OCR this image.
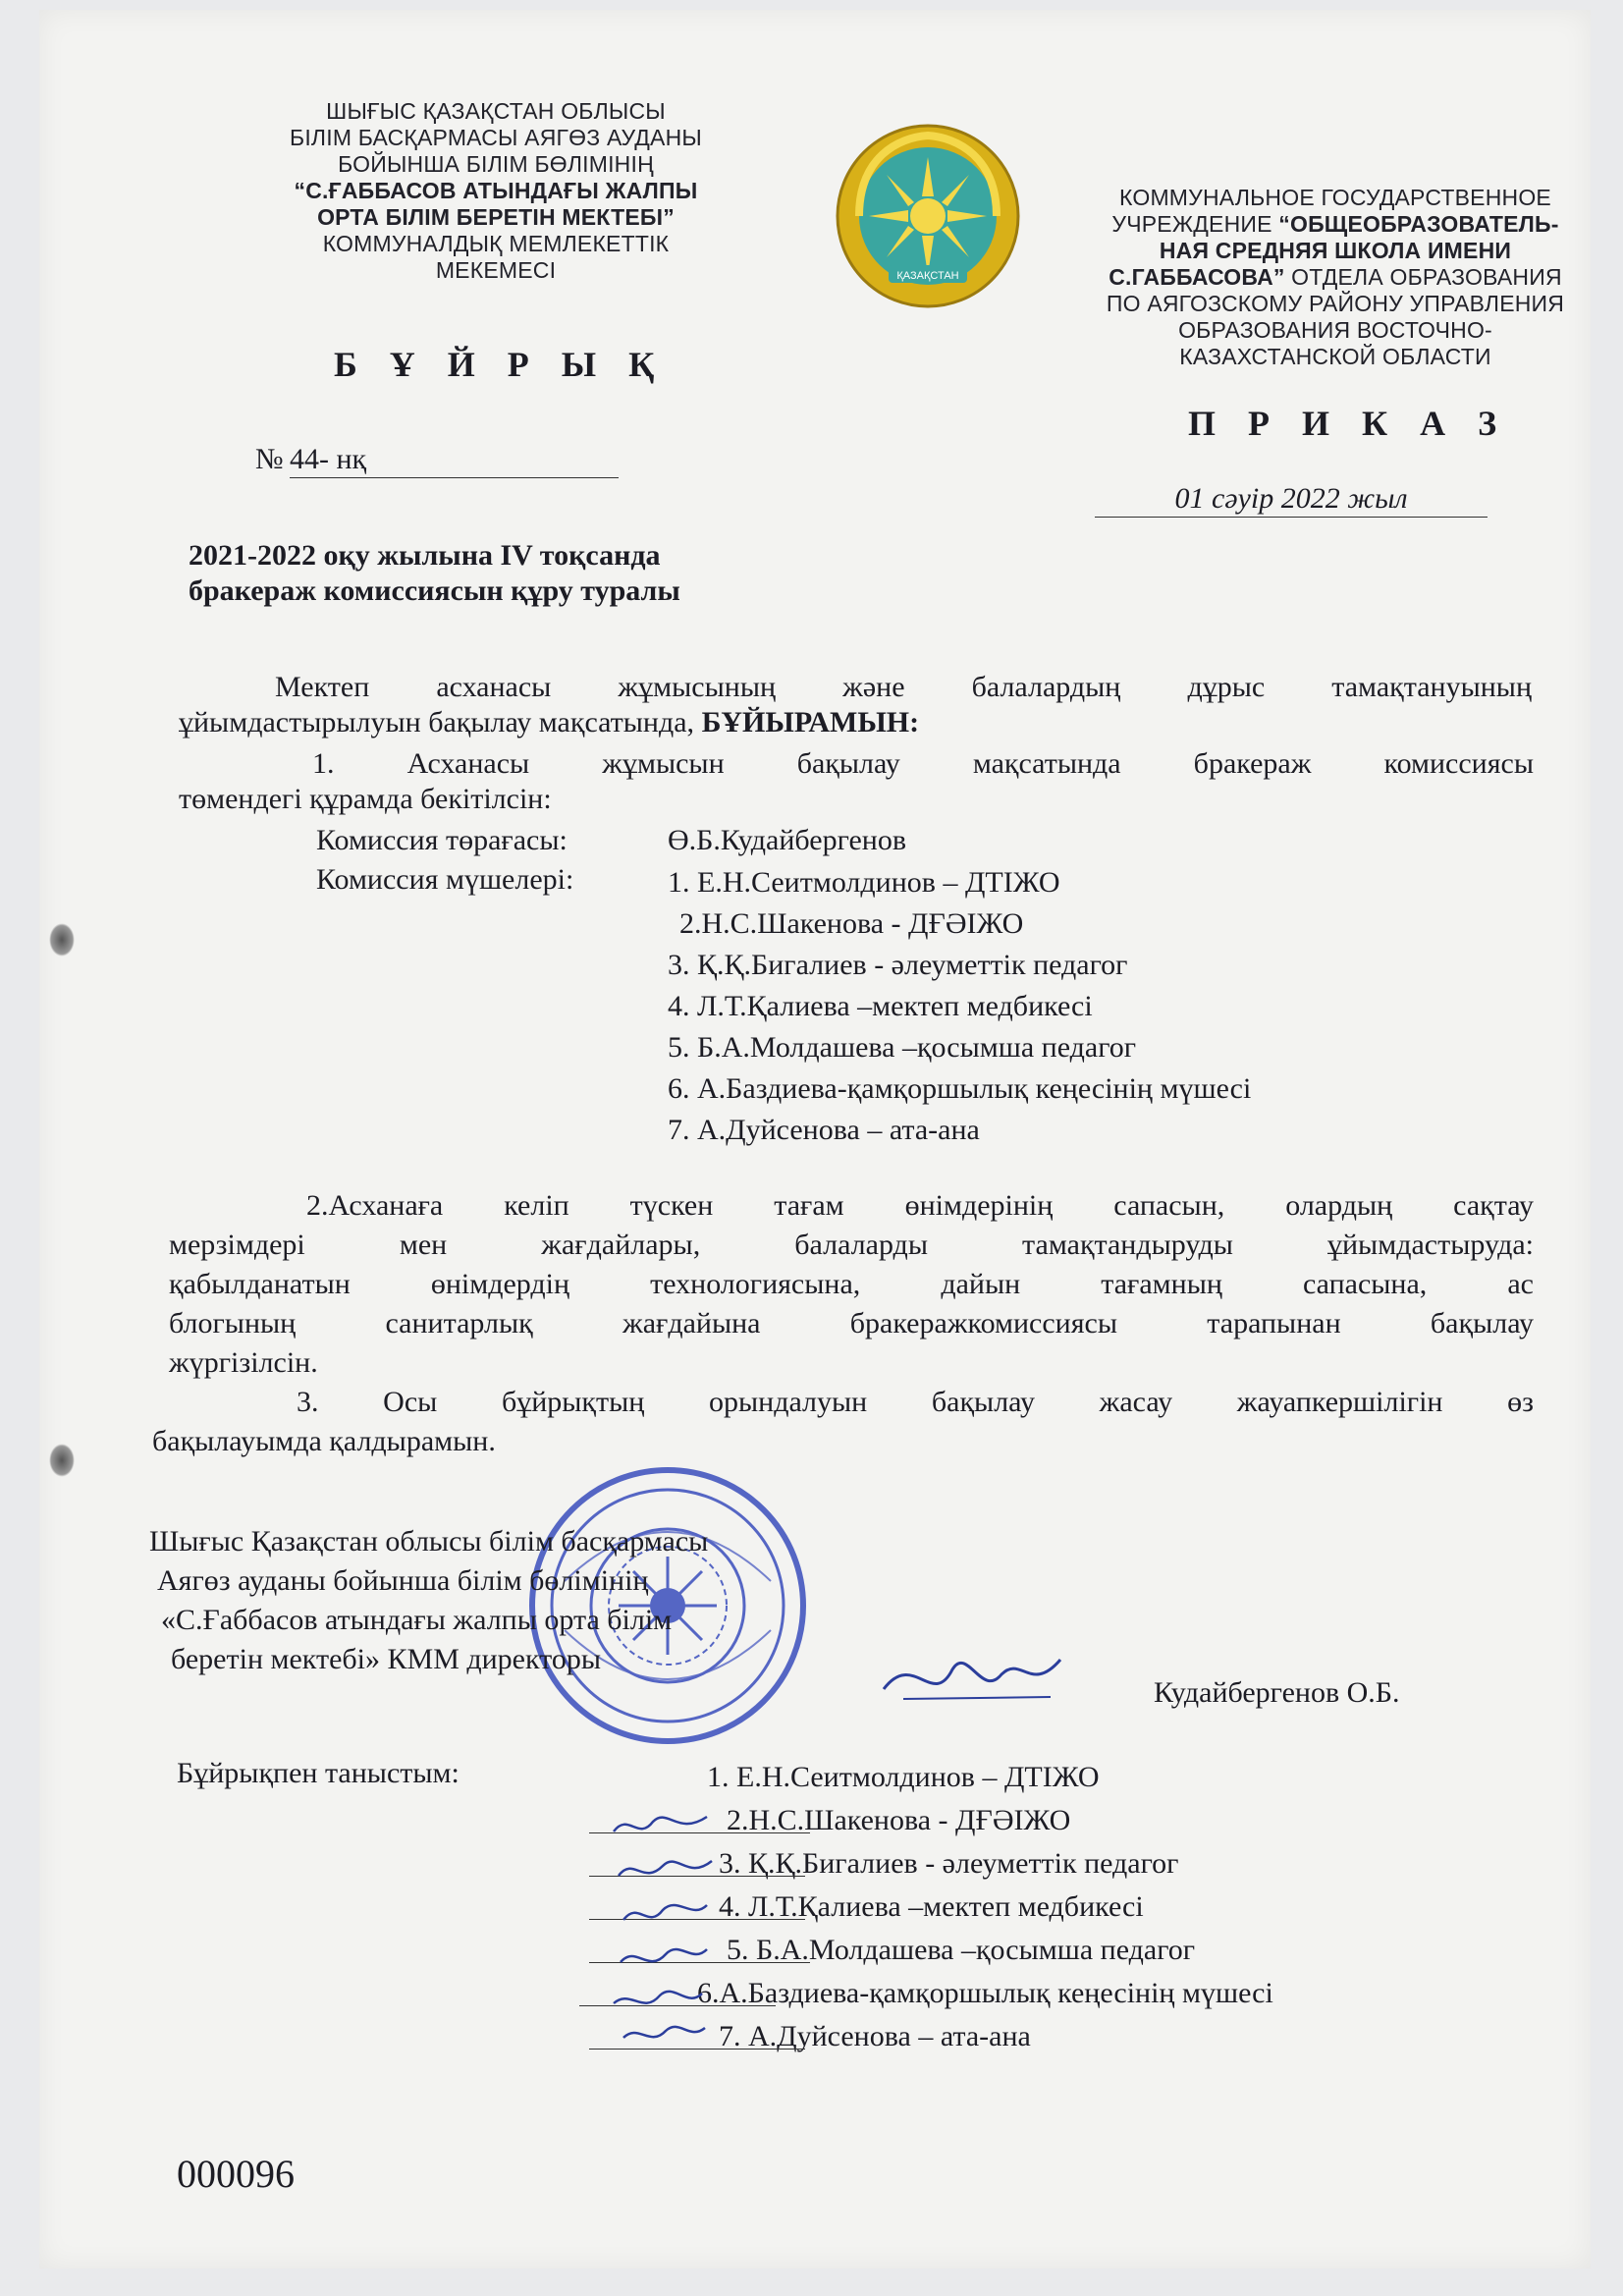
ШЫҒЫС ҚАЗАҚСТАН ОБЛЫСЫ
БІЛІМ БАСҚАРМАСЫ АЯГӨЗ АУДАНЫ
БОЙЫНША БІЛІМ БӨЛІМІНІҢ
“С.ҒАББАСОВ АТЫНДАҒЫ ЖАЛПЫ
ОРТА БІЛІМ БЕРЕТІН МЕКТЕБІ”
КОММУНАЛДЫҚ МЕМЛЕКЕТТІК
МЕКЕМЕСІ	ҚАЗАҚСТАН
КОММУНАЛЬНОЕ ГОСУДАРСТВЕННОЕ
УЧРЕЖДЕНИЕ “ОБЩЕОБРАЗОВАТЕЛЬ-
НАЯ СРЕДНЯЯ ШКОЛА ИМЕНИ
С.ГАББАСОВА” ОТДЕЛА ОБРАЗОВАНИЯ
ПО АЯГОЗСКОМУ РАЙОНУ УПРАВЛЕНИЯ
ОБРАЗОВАНИЯ ВОСТОЧНО-
КАЗАХСТАНСКОЙ ОБЛАСТИ
Б Ұ Й Р Ы Қ
П Р И К А З
№ 44- нқ
01 сәуір 2022 жыл
2021-2022 оқу жылына IV тоқсанда
бракераж комиссиясын құру туралы
Мектеп асханасы жұмысының және балалардың дұрыс тамақтануының
ұйымдастырылуын бақылау мақсатында, БҰЙЫРАМЫН:
1. Асханасы жұмысын бақылау мақсатында бракераж комиссиясы
төмендегі құрамда бекітілсін:
Комиссия төрағасы:	Ө.Б.Кудайбергенов
Комиссия мүшелері:	1. Е.Н.Сеитмолдинов – ДТІЖО
2.Н.С.Шакенова - ДҒӘІЖО
3. Қ.Қ.Бигалиев - әлеуметтік педагог
4. Л.Т.Қалиева –мектеп медбикесі
5. Б.А.Молдашева –қосымша педагог
6. А.Баздиева-қамқоршылық кеңесінің мүшесі
7. А.Дуйсенова – ата-ана
2.Асханаға келіп түскен тағам өнімдерінің сапасын, олардың сақтау
мерзімдері мен жағдайлары, балаларды тамақтандыруды ұйымдастыруда:
қабылданатын өнімдердің технологиясына, дайын тағамның сапасына, ас
блогының санитарлық жағдайына бракеражкомиссиясы тарапынан бақылау
жүргізілсін.
3. Осы бұйрықтың орындалуын бақылау жасау жауапкершілігін өз
бақылауымда қалдырамын.
Шығыс Қазақстан облысы білім басқармасы
Аягөз ауданы бойынша білім бөлімінің
«С.Ғаббасов атындағы жалпы орта білім
беретін мектебі» КММ директоры
Кудайбергенов О.Б.
Бұйрықпен таныстым:	1. Е.Н.Сеитмолдинов – ДТІЖО
2.Н.С.Шакенова - ДҒӘІЖО
3. Қ.Қ.Бигалиев - әлеуметтік педагог
4. Л.Т.Қалиева –мектеп медбикесі
5. Б.А.Молдашева –қосымша педагог
6.А.Баздиева-қамқоршылық кеңесінің мүшесі
7. А.Дуйсенова – ата-ана
000096
